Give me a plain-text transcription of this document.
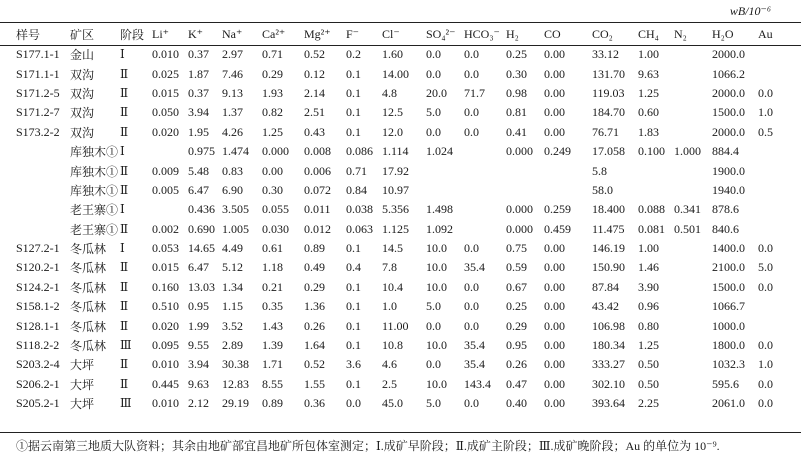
wB/10⁻⁶
样号	矿区	阶段	Li⁺	K⁺	Na⁺	Ca²⁺	Mg²⁺	F⁻	Cl⁻	SO₄²⁻	HCO₃⁻	H₂	CO	CO₂	CH₄	N₂	H₂O	Au
S177.1-1	金山	Ⅰ	0.010	0.37	2.97	0.71	0.52	0.2	1.60	0.0	0.0	0.25	0.00	33.12	1.00		2000.0	
S171.1-1	双沟	Ⅱ	0.025	1.87	7.46	0.29	0.12	0.1	14.00	0.0	0.0	0.30	0.00	131.70	9.63		1066.2	
S171.2-5	双沟	Ⅱ	0.015	0.37	9.13	1.93	2.14	0.1	4.8	20.0	71.7	0.98	0.00	119.03	1.25		2000.0	0.0
S171.2-7	双沟	Ⅱ	0.050	3.94	1.37	0.82	2.51	0.1	12.5	5.0	0.0	0.81	0.00	184.70	0.60		1500.0	1.0
S173.2-2	双沟	Ⅱ	0.020	1.95	4.26	1.25	0.43	0.1	12.0	0.0	0.0	0.41	0.00	76.71	1.83		2000.0	0.5
	库独木①	Ⅰ		0.975	1.474	0.000	0.008	0.086	1.114	1.024		0.000	0.249	17.058	0.100	1.000	884.4	
	库独木①	Ⅱ	0.009	5.48	0.83	0.00	0.006	0.71	17.92					5.8			1900.0	
	库独木①	Ⅱ	0.005	6.47	6.90	0.30	0.072	0.84	10.97					58.0			1940.0	
	老王寨①	Ⅰ		0.436	3.505	0.055	0.011	0.038	5.356	1.498		0.000	0.259	18.400	0.088	0.341	878.6	
	老王寨①	Ⅱ	0.002	0.690	1.005	0.030	0.012	0.063	1.125	1.092		0.000	0.459	11.475	0.081	0.501	840.6	
S127.2-1	冬瓜林	Ⅰ	0.053	14.65	4.49	0.61	0.89	0.1	14.5	10.0	0.0	0.75	0.00	146.19	1.00		1400.0	0.0
S120.2-1	冬瓜林	Ⅱ	0.015	6.47	5.12	1.18	0.49	0.4	7.8	10.0	35.4	0.59	0.00	150.90	1.46		2100.0	5.0
S124.2-1	冬瓜林	Ⅱ	0.160	13.03	1.34	0.21	0.29	0.1	10.4	10.0	0.0	0.67	0.00	87.84	3.90		1500.0	0.0
S158.1-2	冬瓜林	Ⅱ	0.510	0.95	1.15	0.35	1.36	0.1	1.0	5.0	0.0	0.25	0.00	43.42	0.96		1066.7	
S128.1-1	冬瓜林	Ⅱ	0.020	1.99	3.52	1.43	0.26	0.1	11.00	0.0	0.0	0.29	0.00	106.98	0.80		1000.0	
S118.2-2	冬瓜林	Ⅲ	0.095	9.55	2.89	1.39	1.64	0.1	10.8	10.0	35.4	0.95	0.00	180.34	1.25		1800.0	0.0
S203.2-4	大坪	Ⅱ	0.010	3.94	30.38	1.71	0.52	3.6	4.6	0.0	35.4	0.26	0.00	333.27	0.50		1032.3	1.0
S206.2-1	大坪	Ⅱ	0.445	9.63	12.83	8.55	1.55	0.1	2.5	10.0	143.4	0.47	0.00	302.10	0.50		595.6	0.0
S205.2-1	大坪	Ⅲ	0.010	2.12	29.19	0.89	0.36	0.0	45.0	5.0	0.0	0.40	0.00	393.64	2.25		2061.0	0.0
①据云南第三地质大队资料；其余由地矿部宜昌地矿所包体室测定；Ⅰ.成矿早阶段；Ⅱ.成矿主阶段；Ⅲ.成矿晚阶段；Au 的单位为 10⁻⁹.
